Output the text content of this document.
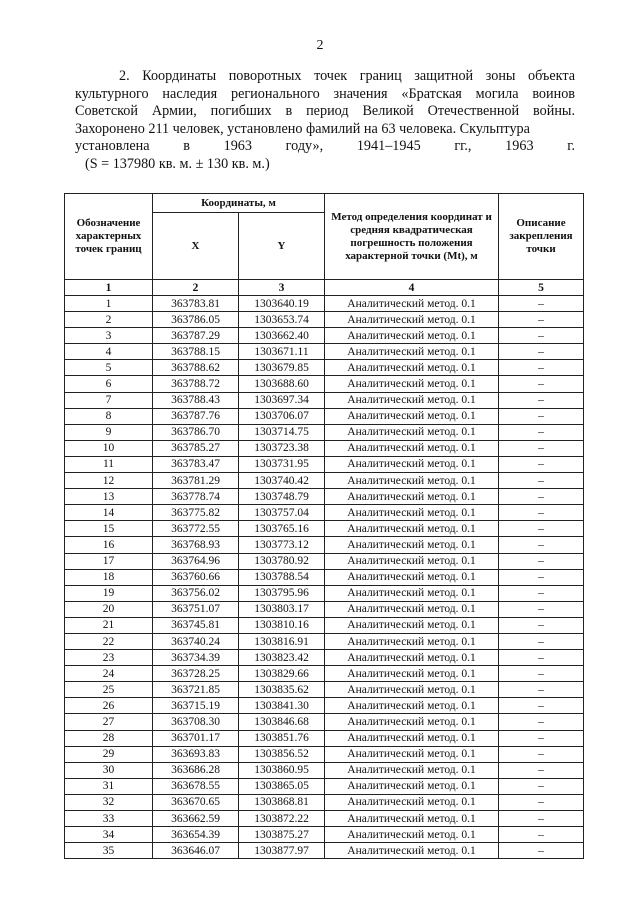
2

2. Координаты поворотных точек границ защитной зоны объекта культурного наследия регионального значения «Братская могила воинов Советской Армии, погибших в период Великой Отечественной войны. Захоронено 211 человек, установлено фамилий на 63 человека. Скульптура

установлена в 1963 году», 1941–1945 гг., 1963 г.

(S = 137980 кв. м. ± 130 кв. м.)

Обозначение характерных точек границ	Координаты, м		Метод определения координат и средняя квадратическая погрешность положения характерной точки (Mt), м	Описание закрепления точки
	X	Y		
1	2	3	4	5
1	363783.81	1303640.19	Аналитический метод. 0.1	–
2	363786.05	1303653.74	Аналитический метод. 0.1	–
3	363787.29	1303662.40	Аналитический метод. 0.1	–
4	363788.15	1303671.11	Аналитический метод. 0.1	–
5	363788.62	1303679.85	Аналитический метод. 0.1	–
6	363788.72	1303688.60	Аналитический метод. 0.1	–
7	363788.43	1303697.34	Аналитический метод. 0.1	–
8	363787.76	1303706.07	Аналитический метод. 0.1	–
9	363786.70	1303714.75	Аналитический метод. 0.1	–
10	363785.27	1303723.38	Аналитический метод. 0.1	–
11	363783.47	1303731.95	Аналитический метод. 0.1	–
12	363781.29	1303740.42	Аналитический метод. 0.1	–
13	363778.74	1303748.79	Аналитический метод. 0.1	–
14	363775.82	1303757.04	Аналитический метод. 0.1	–
15	363772.55	1303765.16	Аналитический метод. 0.1	–
16	363768.93	1303773.12	Аналитический метод. 0.1	–
17	363764.96	1303780.92	Аналитический метод. 0.1	–
18	363760.66	1303788.54	Аналитический метод. 0.1	–
19	363756.02	1303795.96	Аналитический метод. 0.1	–
20	363751.07	1303803.17	Аналитический метод. 0.1	–
21	363745.81	1303810.16	Аналитический метод. 0.1	–
22	363740.24	1303816.91	Аналитический метод. 0.1	–
23	363734.39	1303823.42	Аналитический метод. 0.1	–
24	363728.25	1303829.66	Аналитический метод. 0.1	–
25	363721.85	1303835.62	Аналитический метод. 0.1	–
26	363715.19	1303841.30	Аналитический метод. 0.1	–
27	363708.30	1303846.68	Аналитический метод. 0.1	–
28	363701.17	1303851.76	Аналитический метод. 0.1	–
29	363693.83	1303856.52	Аналитический метод. 0.1	–
30	363686.28	1303860.95	Аналитический метод. 0.1	–
31	363678.55	1303865.05	Аналитический метод. 0.1	–
32	363670.65	1303868.81	Аналитический метод. 0.1	–
33	363662.59	1303872.22	Аналитический метод. 0.1	–
34	363654.39	1303875.27	Аналитический метод. 0.1	–
35	363646.07	1303877.97	Аналитический метод. 0.1	–
